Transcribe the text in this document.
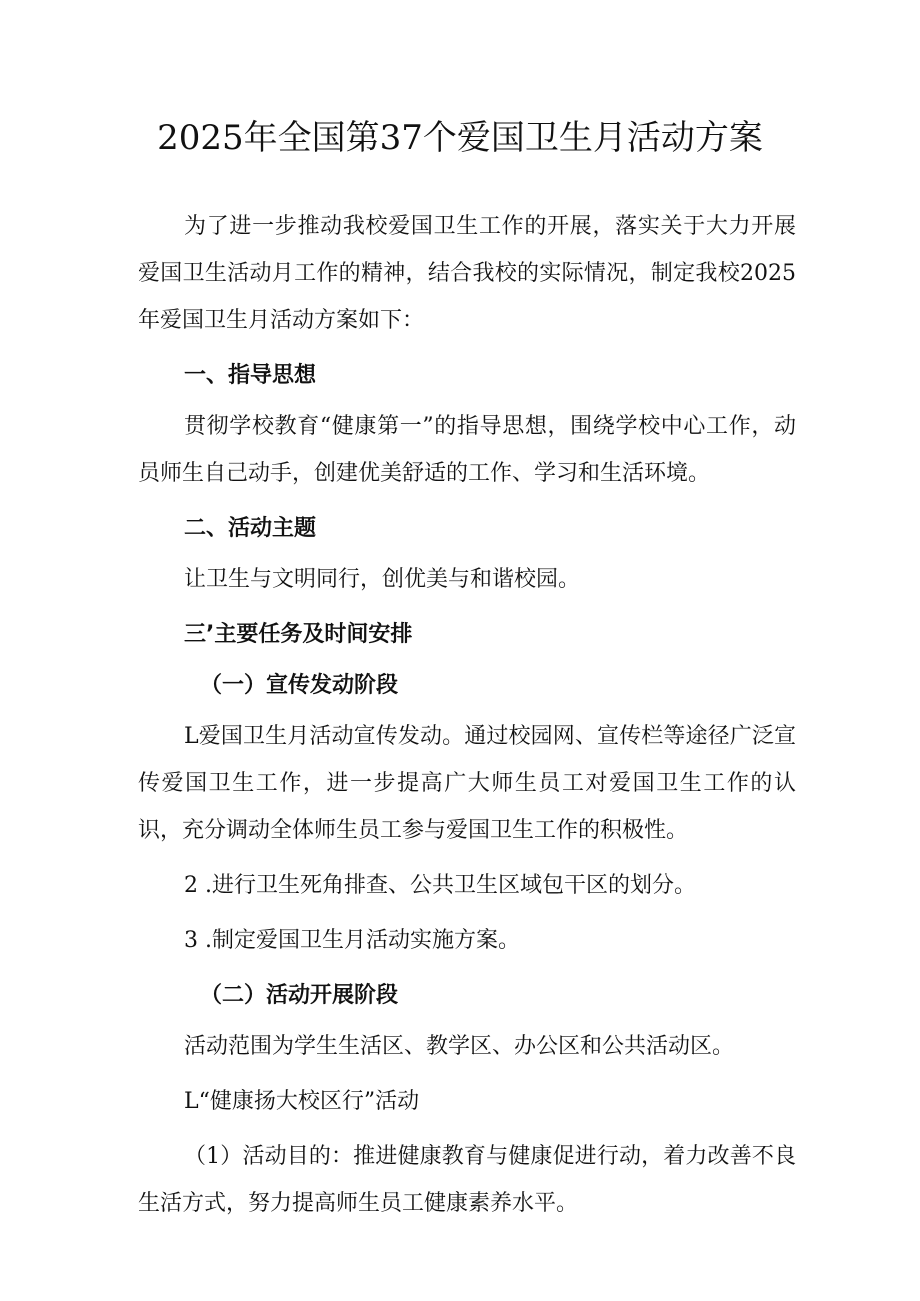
2025年全国第37个爱国卫生月活动方案

为了进一步推动我校爱国卫生工作的开展，落实关于大力开展爱国卫生活动月工作的精神，结合我校的实际情况，制定我校2025年爱国卫生月活动方案如下：

一、指导思想

贯彻学校教育“健康第一”的指导思想，围绕学校中心工作，动员师生自己动手，创建优美舒适的工作、学习和生活环境。

二、活动主题

让卫生与文明同行，创优美与和谐校园。

三’主要任务及时间安排

（一）宣传发动阶段

L爱国卫生月活动宣传发动。通过校园网、宣传栏等途径广泛宣传爱国卫生工作，进一步提高广大师生员工对爱国卫生工作的认识，充分调动全体师生员工参与爱国卫生工作的积极性。

2 .进行卫生死角排查、公共卫生区域包干区的划分。

3 .制定爱国卫生月活动实施方案。

（二）活动开展阶段

活动范围为学生生活区、教学区、办公区和公共活动区。

L“健康扬大校区行”活动

（1）活动目的：推进健康教育与健康促进行动，着力改善不良生活方式，努力提高师生员工健康素养水平。
